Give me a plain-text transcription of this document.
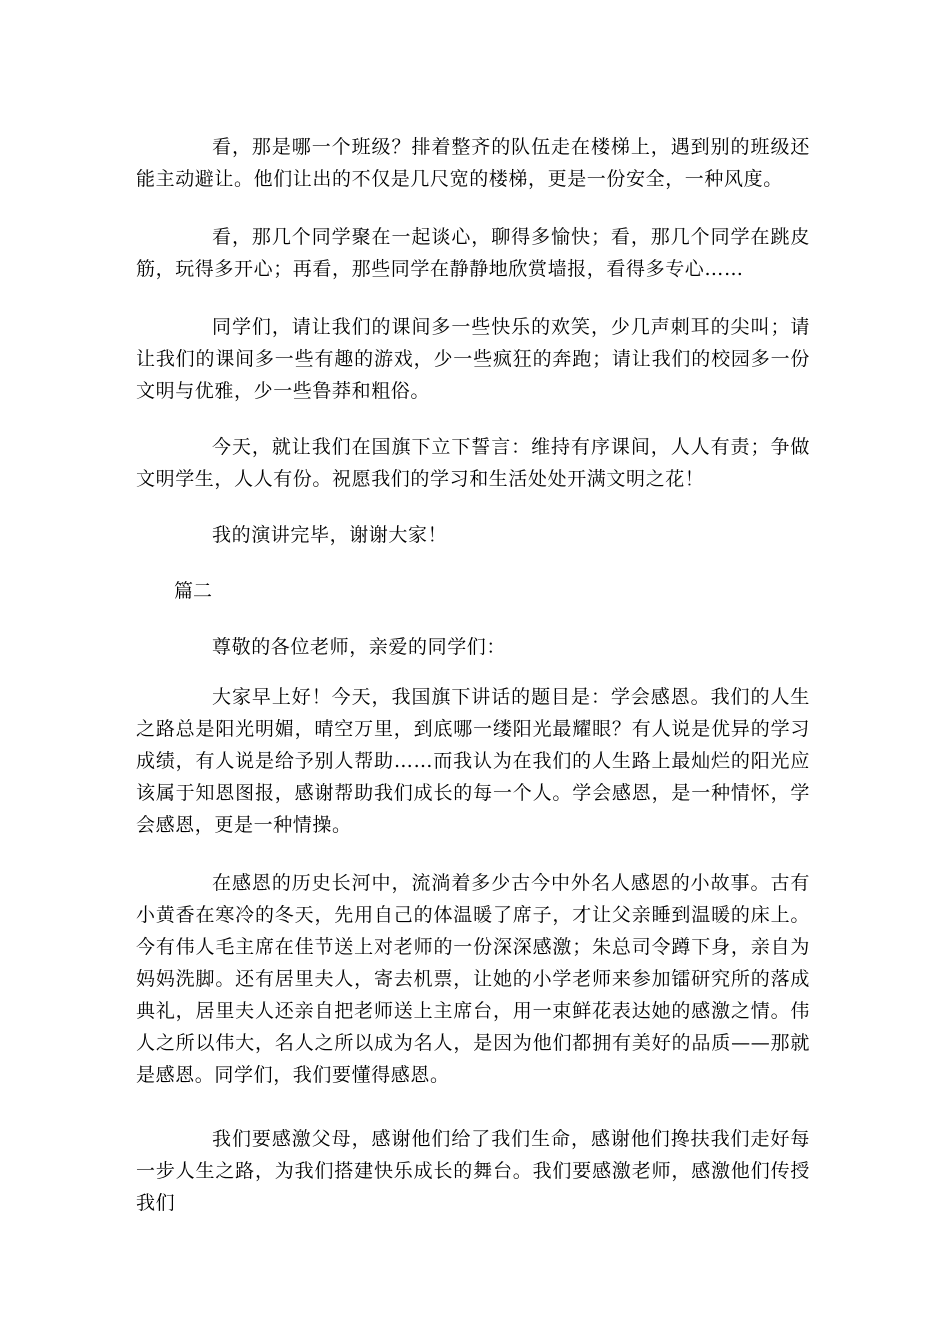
看，那是哪一个班级？排着整齐的队伍走在楼梯上，遇到别的班级还能主动避让。他们让出的不仅是几尺宽的楼梯，更是一份安全，一种风度。

看，那几个同学聚在一起谈心，聊得多愉快；看，那几个同学在跳皮筋，玩得多开心；再看，那些同学在静静地欣赏墙报，看得多专心……

同学们，请让我们的课间多一些快乐的欢笑，少几声刺耳的尖叫；请让我们的课间多一些有趣的游戏，少一些疯狂的奔跑；请让我们的校园多一份文明与优雅，少一些鲁莽和粗俗。

今天，就让我们在国旗下立下誓言：维持有序课间，人人有责；争做文明学生，人人有份。祝愿我们的学习和生活处处开满文明之花！

我的演讲完毕，谢谢大家！

篇二

尊敬的各位老师，亲爱的同学们：

大家早上好！今天，我国旗下讲话的题目是：学会感恩。我们的人生之路总是阳光明媚，晴空万里，到底哪一缕阳光最耀眼？有人说是优异的学习成绩，有人说是给予别人帮助……而我认为在我们的人生路上最灿烂的阳光应该属于知恩图报，感谢帮助我们成长的每一个人。学会感恩，是一种情怀，学会感恩，更是一种情操。

在感恩的历史长河中，流淌着多少古今中外名人感恩的小故事。古有小黄香在寒冷的冬天，先用自己的体温暖了席子，才让父亲睡到温暖的床上。今有伟人毛主席在佳节送上对老师的一份深深感激；朱总司令蹲下身，亲自为妈妈洗脚。还有居里夫人，寄去机票，让她的小学老师来参加镭研究所的落成典礼，居里夫人还亲自把老师送上主席台，用一束鲜花表达她的感激之情。伟人之所以伟大，名人之所以成为名人，是因为他们都拥有美好的品质——那就是感恩。同学们，我们要懂得感恩。

我们要感激父母，感谢他们给了我们生命，感谢他们搀扶我们走好每一步人生之路，为我们搭建快乐成长的舞台。我们要感激老师，感激他们传授我们
